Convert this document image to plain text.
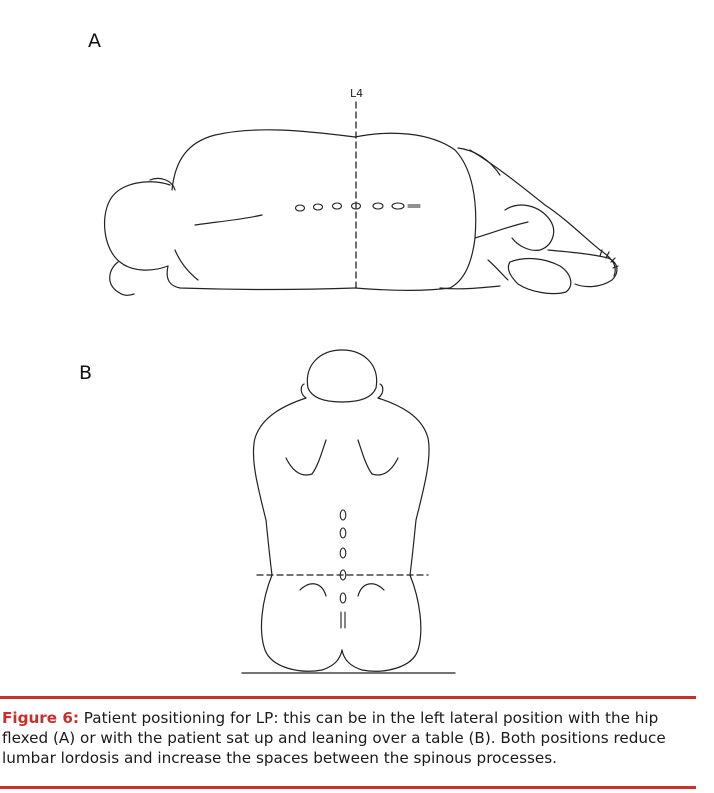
A
B
L4
Figure 6: Patient positioning for LP: this can be in the left lateral position with the hip flexed (A) or with the patient sat up and leaning over a table (B). Both positions reduce lumbar lordosis and increase the spaces between the spinous processes.
